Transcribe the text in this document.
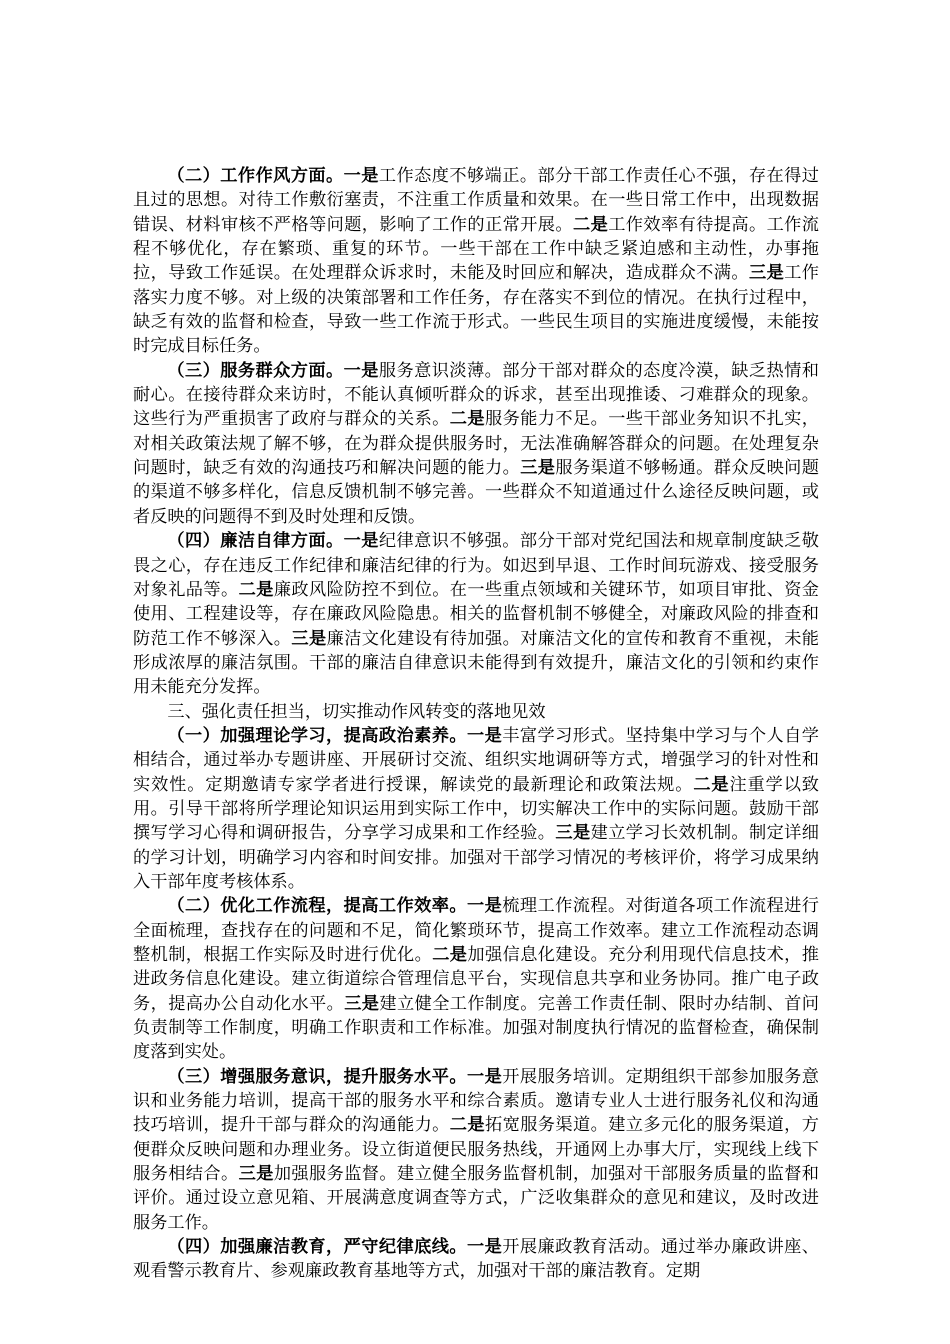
（二）工作作风方面。一是工作态度不够端正。部分干部工作责任心不强，存在得过且过的思想。对待工作敷衍塞责，不注重工作质量和效果。在一些日常工作中，出现数据错误、材料审核不严格等问题，影响了工作的正常开展。二是工作效率有待提高。工作流程不够优化，存在繁琐、重复的环节。一些干部在工作中缺乏紧迫感和主动性，办事拖拉，导致工作延误。在处理群众诉求时，未能及时回应和解决，造成群众不满。三是工作落实力度不够。对上级的决策部署和工作任务，存在落实不到位的情况。在执行过程中，缺乏有效的监督和检查，导致一些工作流于形式。一些民生项目的实施进度缓慢，未能按时完成目标任务。

（三）服务群众方面。一是服务意识淡薄。部分干部对群众的态度冷漠，缺乏热情和耐心。在接待群众来访时，不能认真倾听群众的诉求，甚至出现推诿、刁难群众的现象。这些行为严重损害了政府与群众的关系。二是服务能力不足。一些干部业务知识不扎实，对相关政策法规了解不够，在为群众提供服务时，无法准确解答群众的问题。在处理复杂问题时，缺乏有效的沟通技巧和解决问题的能力。三是服务渠道不够畅通。群众反映问题的渠道不够多样化，信息反馈机制不够完善。一些群众不知道通过什么途径反映问题，或者反映的问题得不到及时处理和反馈。

（四）廉洁自律方面。一是纪律意识不够强。部分干部对党纪国法和规章制度缺乏敬畏之心，存在违反工作纪律和廉洁纪律的行为。如迟到早退、工作时间玩游戏、接受服务对象礼品等。二是廉政风险防控不到位。在一些重点领域和关键环节，如项目审批、资金使用、工程建设等，存在廉政风险隐患。相关的监督机制不够健全，对廉政风险的排查和防范工作不够深入。三是廉洁文化建设有待加强。对廉洁文化的宣传和教育不重视，未能形成浓厚的廉洁氛围。干部的廉洁自律意识未能得到有效提升，廉洁文化的引领和约束作用未能充分发挥。

三、强化责任担当，切实推动作风转变的落地见效

（一）加强理论学习，提高政治素养。一是丰富学习形式。坚持集中学习与个人自学相结合，通过举办专题讲座、开展研讨交流、组织实地调研等方式，增强学习的针对性和实效性。定期邀请专家学者进行授课，解读党的最新理论和政策法规。二是注重学以致用。引导干部将所学理论知识运用到实际工作中，切实解决工作中的实际问题。鼓励干部撰写学习心得和调研报告，分享学习成果和工作经验。三是建立学习长效机制。制定详细的学习计划，明确学习内容和时间安排。加强对干部学习情况的考核评价，将学习成果纳入干部年度考核体系。

（二）优化工作流程，提高工作效率。一是梳理工作流程。对街道各项工作流程进行全面梳理，查找存在的问题和不足，简化繁琐环节，提高工作效率。建立工作流程动态调整机制，根据工作实际及时进行优化。二是加强信息化建设。充分利用现代信息技术，推进政务信息化建设。建立街道综合管理信息平台，实现信息共享和业务协同。推广电子政务，提高办公自动化水平。三是建立健全工作制度。完善工作责任制、限时办结制、首问负责制等工作制度，明确工作职责和工作标准。加强对制度执行情况的监督检查，确保制度落到实处。

（三）增强服务意识，提升服务水平。一是开展服务培训。定期组织干部参加服务意识和业务能力培训，提高干部的服务水平和综合素质。邀请专业人士进行服务礼仪和沟通技巧培训，提升干部与群众的沟通能力。二是拓宽服务渠道。建立多元化的服务渠道，方便群众反映问题和办理业务。设立街道便民服务热线，开通网上办事大厅，实现线上线下服务相结合。三是加强服务监督。建立健全服务监督机制，加强对干部服务质量的监督和评价。通过设立意见箱、开展满意度调查等方式，广泛收集群众的意见和建议，及时改进服务工作。

（四）加强廉洁教育，严守纪律底线。一是开展廉政教育活动。通过举办廉政讲座、观看警示教育片、参观廉政教育基地等方式，加强对干部的廉洁教育。定期
